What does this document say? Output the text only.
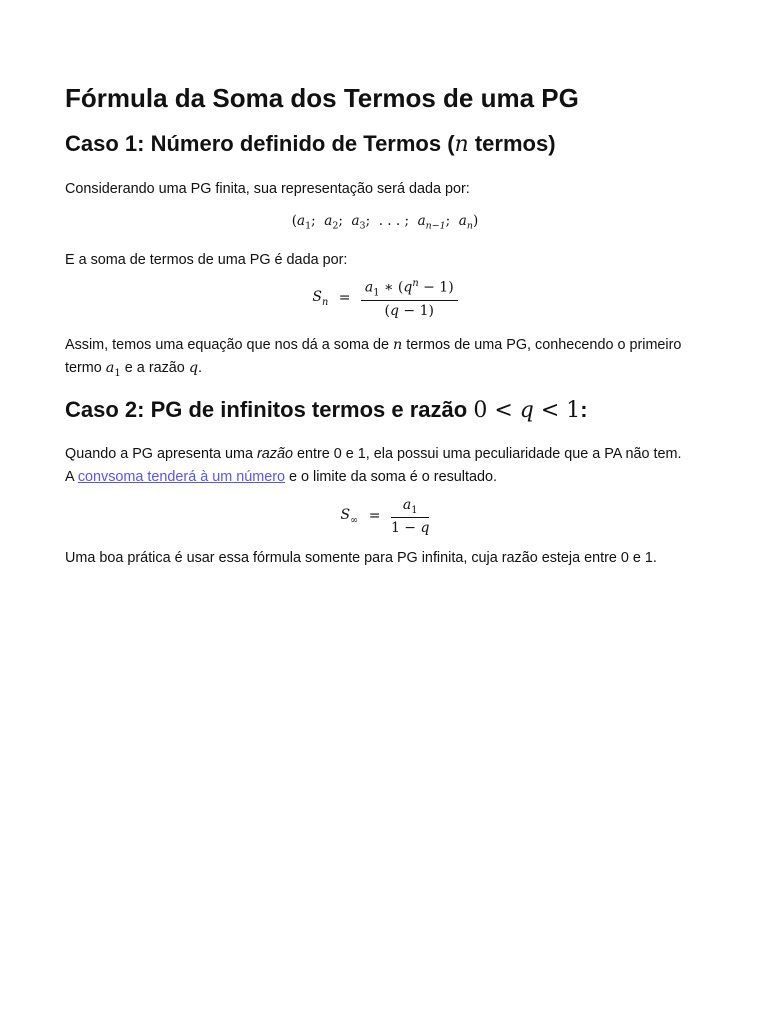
Fórmula da Soma dos Termos de uma PG
Caso 1: Número definido de Termos (n termos)

Considerando uma PG finita, sua representação será dada por:

($a_1$;  $a_2$;  $a_3$;  . . . ;  $a_{n-1}$;  $a_n$)

E a soma de termos de uma PG é dada por:

$S_n = \frac{a_1 ∗ (q^n - 1)}{(q - 1)}$

Assim, temos uma equação que nos dá a soma de n termos de uma PG, conhecendo o primeiro termo $a_1$ e a razão q.

Caso 2: PG de infinitos termos e razão 0 < q < 1:

Quando a PG apresenta uma razão entre 0 e 1, ela possui uma peculiaridade que a PA não tem.
A convsoma tenderá à um número e o limite da soma é o resultado.

$S_\infty = \frac{a_1}{1 - q}$

Uma boa prática é usar essa fórmula somente para PG infinita, cuja razão esteja entre 0 e 1.
